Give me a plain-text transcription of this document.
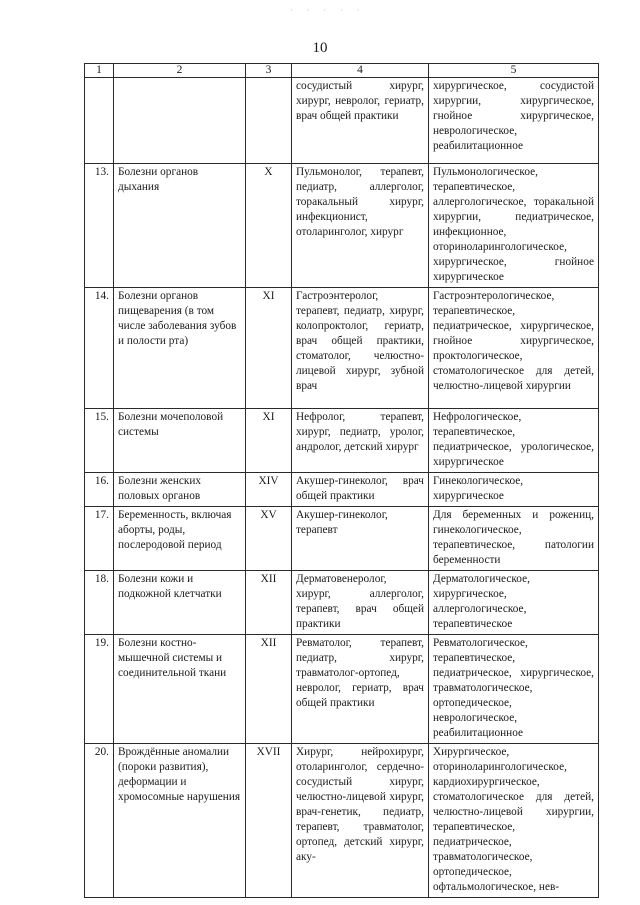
· · · · ·
10
1	2	3	4	5
			сосудистый хирург, хирург, невролог, гериатр, врач общей практики	хирургическое, сосудистой хирургии, хирургическое, гнойное хирургическое, неврологическое, реабилитационное
13.	Болезни органов дыхания	X	Пульмонолог, терапевт, педиатр, аллерголог, торакальный хирург, инфекционист, отоларинголог, хирург	Пульмонологическое, терапевтическое, аллергологическое, торакальной хирургии, педиатрическое, инфекционное, оториноларингологическое, хирургическое, гнойное хирургическое
14.	Болезни органов пищеварения (в том числе заболевания зубов и полости рта)	XI	Гастроэнтеролог, терапевт, педиатр, хирург, колопроктолог, гериатр, врач общей практики, стоматолог, челюстно-лицевой хирург, зубной врач	Гастроэнтерологическое, терапевтическое, педиатрическое, хирургическое, гнойное хирургическое, проктологическое, стоматологическое для детей, челюстно-лицевой хирургии
15.	Болезни мочеполовой системы	XI	Нефролог, терапевт, хирург, педиатр, уролог, андролог, детский хирург	Нефрологическое, терапевтическое, педиатрическое, урологическое, хирургическое
16.	Болезни женских половых органов	XIV	Акушер-гинеколог, врач общей практики	Гинекологическое, хирургическое
17.	Беременность, включая аборты, роды, послеродовой период	XV	Акушер-гинеколог, терапевт	Для беременных и рожениц, гинекологическое, терапевтическое, патологии беременности
18.	Болезни кожи и подкожной клетчатки	XII	Дерматовенеролог, хирург, аллерголог, терапевт, врач общей практики	Дерматологическое, хирургическое, аллергологическое, терапевтическое
19.	Болезни костно-мышечной системы и соединительной ткани	XII	Ревматолог, терапевт, педиатр, хирург, травматолог-ортопед, невролог, гериатр, врач общей практики	Ревматологическое, терапевтическое, педиатрическое, хирургическое, травматологическое, ортопедическое, неврологическое, реабилитационное
20.	Врождённые аномалии (пороки развития), деформации и хромосомные нарушения	XVII	Хирург, нейрохирург, отоларинголог, сердечно-сосудистый хирург, челюстно-лицевой хирург, врач-генетик, педиатр, терапевт, травматолог, ортопед, детский хирург, аку-	Хирургическое, оториноларингологическое, кардиохирургическое, стоматологическое для детей, челюстно-лицевой хирургии, терапевтическое, педиатрическое, травматологическое, ортопедическое, офтальмологическое, нев-
